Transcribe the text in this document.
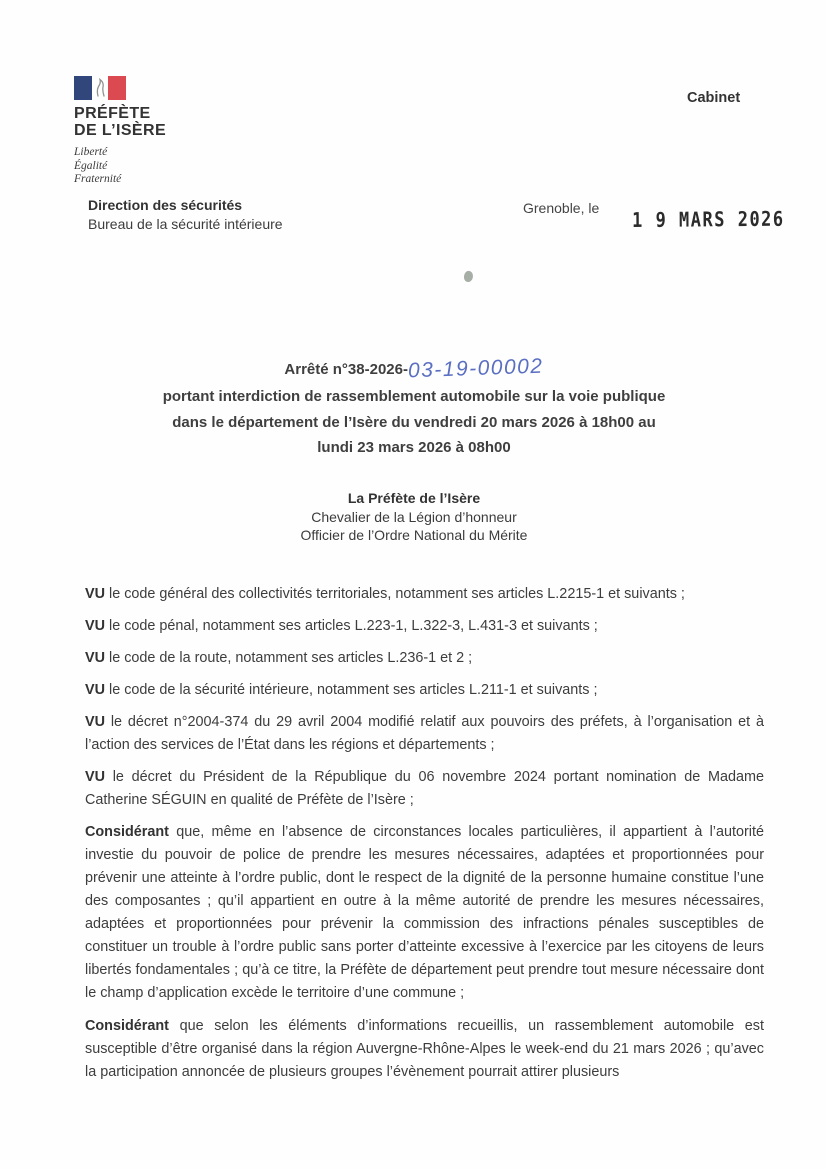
PRÉFÈTE
DE L’ISÈRE
Liberté
Égalité
Fraternité
Cabinet
Direction des sécurités
Bureau de la sécurité intérieure
Grenoble, le 1 9 MARS 2026
Arrêté n°38-2026-03-19-00002
portant interdiction de rassemblement automobile sur la voie publique
dans le département de l’Isère du vendredi 20 mars 2026 à 18h00 au
lundi 23 mars 2026 à 08h00
La Préfète de l’Isère
Chevalier de la Légion d’honneur
Officier de l’Ordre National du Mérite

VU le code général des collectivités territoriales, notamment ses articles L.2215-1 et suivants ;

VU le code pénal, notamment ses articles L.223-1, L.322-3, L.431-3 et suivants ;

VU le code de la route, notamment ses articles L.236-1 et 2 ;

VU le code de la sécurité intérieure, notamment ses articles L.211-1 et suivants ;

VU le décret n°2004-374 du 29 avril 2004 modifié relatif aux pouvoirs des préfets, à l’organisation et à l’action des services de l’État dans les régions et départements ;

VU le décret du Président de la République du 06 novembre 2024 portant nomination de Madame Catherine SÉGUIN en qualité de Préfète de l’Isère ;

Considérant que, même en l’absence de circonstances locales particulières, il appartient à l’autorité investie du pouvoir de police de prendre les mesures nécessaires, adaptées et proportionnées pour prévenir une atteinte à l’ordre public, dont le respect de la dignité de la personne humaine constitue l’une des composantes ; qu’il appartient en outre à la même autorité de prendre les mesures nécessaires, adaptées et proportionnées pour prévenir la commission des infractions pénales susceptibles de constituer un trouble à l’ordre public sans porter d’atteinte excessive à l’exercice par les citoyens de leurs libertés fondamentales ; qu’à ce titre, la Préfète de département peut prendre tout mesure nécessaire dont le champ d’application excède le territoire d’une commune ;

Considérant que selon les éléments d’informations recueillis, un rassemblement automobile est susceptible d’être organisé dans la région Auvergne-Rhône-Alpes le week-end du 21 mars 2026 ; qu’avec la participation annoncée de plusieurs groupes l’évènement pourrait attirer plusieurs
